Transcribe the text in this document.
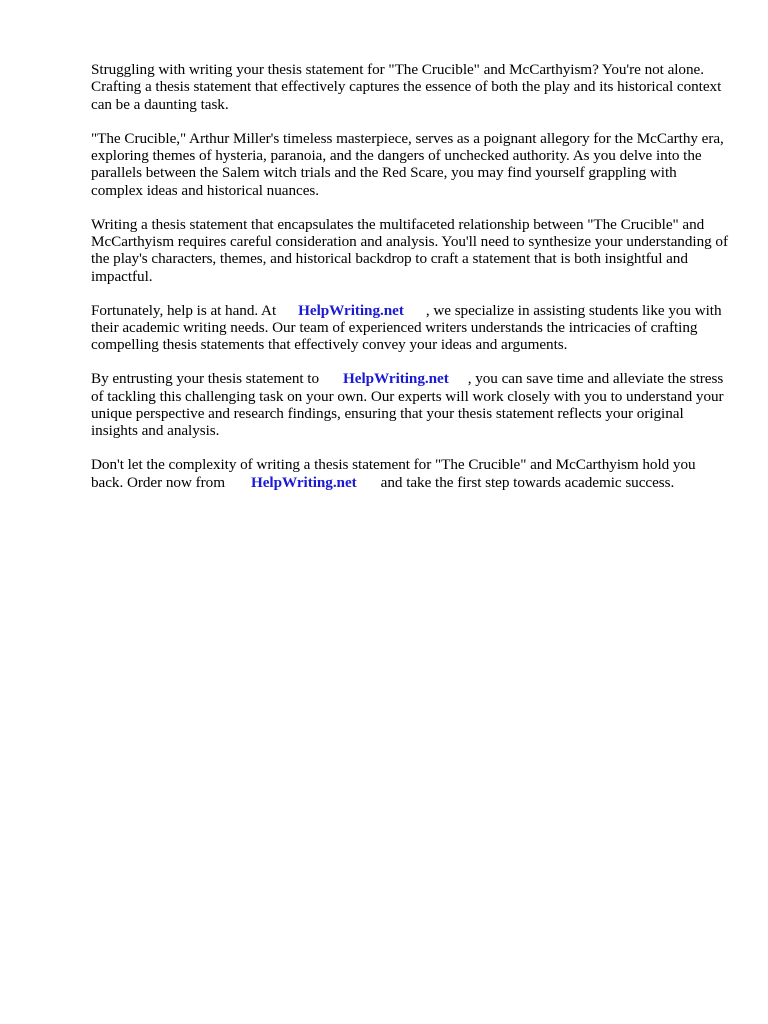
Struggling with writing your thesis statement for "The Crucible" and McCarthyism? You're not alone. Crafting a thesis statement that effectively captures the essence of both the play and its historical context can be a daunting task.

"The Crucible," Arthur Miller's timeless masterpiece, serves as a poignant allegory for the McCarthy era, exploring themes of hysteria, paranoia, and the dangers of unchecked authority. As you delve into the parallels between the Salem witch trials and the Red Scare, you may find yourself grappling with complex ideas and historical nuances.

Writing a thesis statement that encapsulates the multifaceted relationship between "The Crucible" and McCarthyism requires careful consideration and analysis. You'll need to synthesize your understanding of the play's characters, themes, and historical backdrop to craft a statement that is both insightful and impactful.

Fortunately, help is at hand. At HelpWriting.net , we specialize in assisting students like you with their academic writing needs. Our team of experienced writers understands the intricacies of crafting compelling thesis statements that effectively convey your ideas and arguments.

By entrusting your thesis statement to HelpWriting.net , you can save time and alleviate the stress of tackling this challenging task on your own. Our experts will work closely with you to understand your unique perspective and research findings, ensuring that your thesis statement reflects your original insights and analysis.

Don't let the complexity of writing a thesis statement for "The Crucible" and McCarthyism hold you back. Order now from HelpWriting.net and take the first step towards academic success.
